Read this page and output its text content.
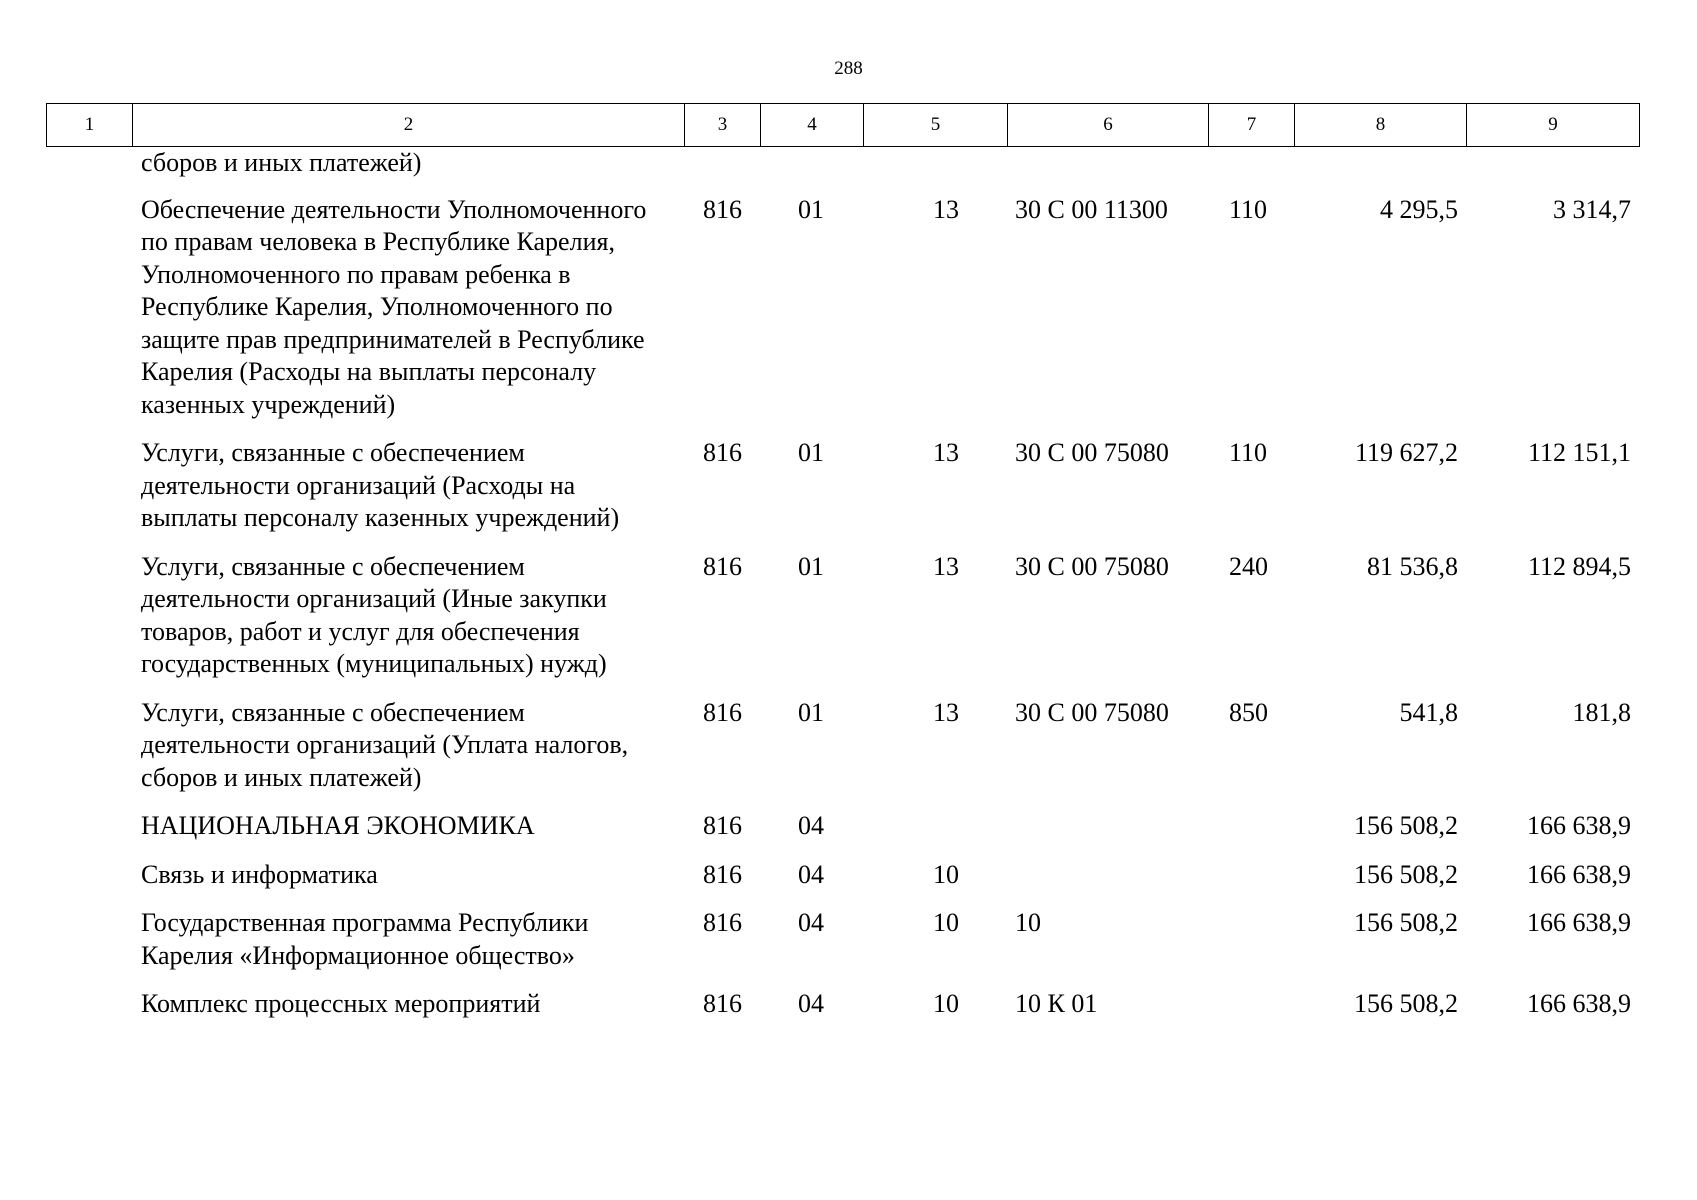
288
1	2	3	4	5	6	7	8	9
	сборов и иных платежей)							
	Обеспечение деятельности Уполномоченного по правам человека в Республике Карелия, Уполномоченного по правам ребенка в Республике Карелия, Уполномоченного по защите прав предпринимателей в Республике Карелия (Расходы на выплаты персоналу казенных учреждений)	816	01	13	30 С 00 11300	110	4 295,5	3 314,7
	Услуги, связанные с обеспечением деятельности организаций (Расходы на выплаты персоналу казенных учреждений)	816	01	13	30 С 00 75080	110	119 627,2	112 151,1
	Услуги, связанные с обеспечением деятельности организаций (Иные закупки товаров, работ и услуг для обеспечения государственных (муниципальных) нужд)	816	01	13	30 С 00 75080	240	81 536,8	112 894,5
	Услуги, связанные с обеспечением деятельности организаций (Уплата налогов, сборов и иных платежей)	816	01	13	30 С 00 75080	850	541,8	181,8
	НАЦИОНАЛЬНАЯ ЭКОНОМИКА	816	04				156 508,2	166 638,9
	Связь и информатика	816	04	10			156 508,2	166 638,9
	Государственная программа Республики Карелия «Информационное общество»	816	04	10	10		156 508,2	166 638,9
	Комплекс процессных мероприятий	816	04	10	10 К 01		156 508,2	166 638,9
